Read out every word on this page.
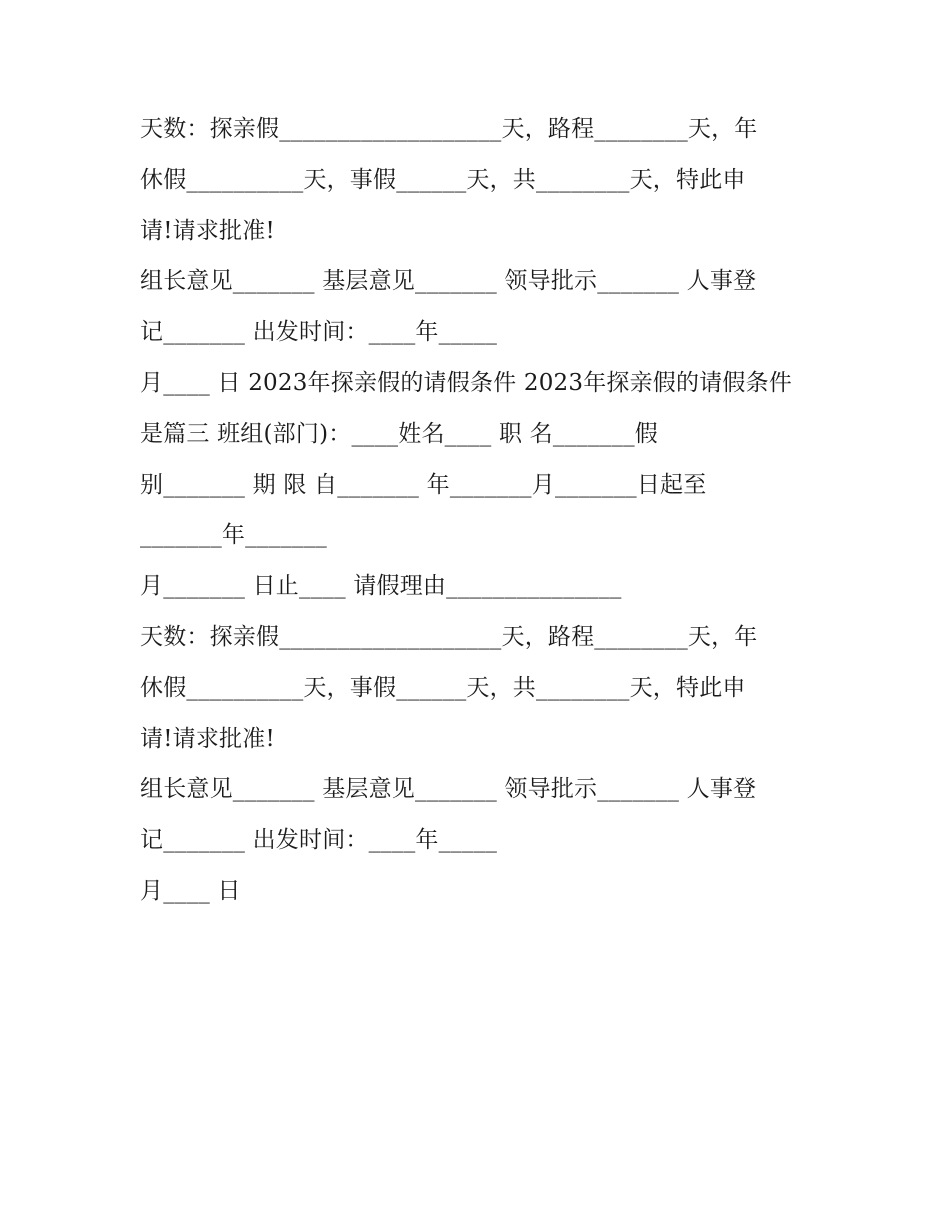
天数：探亲假___________________天，路程________天，年
休假__________天，事假______天，共________天，特此申
请!请求批准!
组长意见_______ 基层意见_______ 领导批示_______ 人事登
记_______ 出发时间：____年_____
月____ 日 2023年探亲假的请假条件 2023年探亲假的请假条件
是篇三 班组(部门)：____姓名____ 职 名_______假
别_______ 期 限 自_______ 年_______月_______日起至
_______年_______
月_______ 日止____ 请假理由_______________
天数：探亲假___________________天，路程________天，年
休假__________天，事假______天，共________天，特此申
请!请求批准!
组长意见_______ 基层意见_______ 领导批示_______ 人事登
记_______ 出发时间：____年_____
月____ 日
